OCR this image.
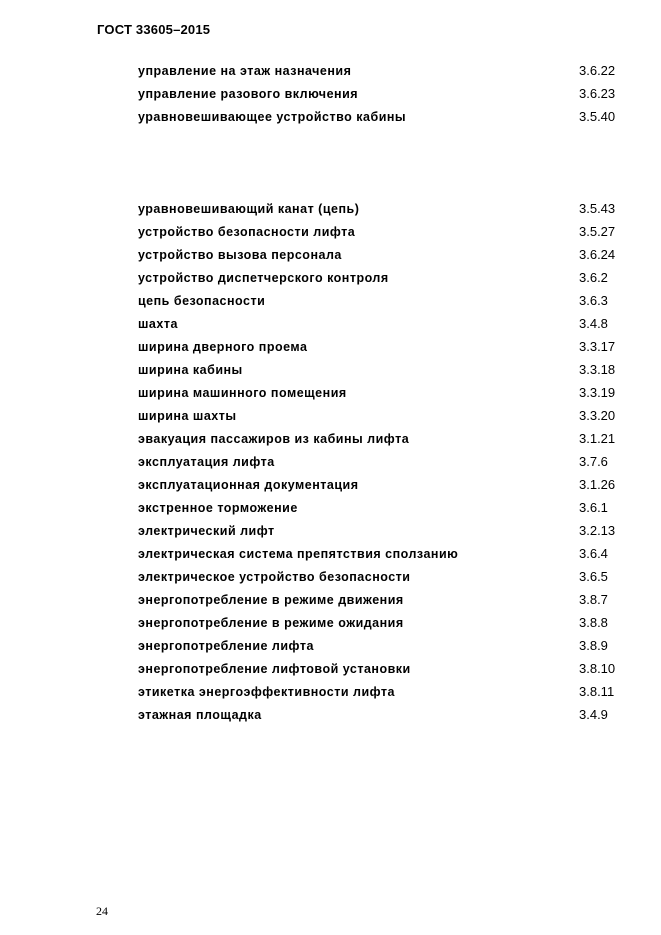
ГОСТ 33605–2015
управление на этаж назначения	3.6.22
управление разового включения	3.6.23
уравновешивающее устройство кабины	3.5.40
уравновешивающий канат (цепь)	3.5.43
устройство безопасности лифта	3.5.27
устройство вызова персонала	3.6.24
устройство диспетчерского контроля	3.6.2
цепь безопасности	3.6.3
шахта	3.4.8
ширина дверного проема	3.3.17
ширина кабины	3.3.18
ширина машинного помещения	3.3.19
ширина шахты	3.3.20
эвакуация пассажиров из кабины лифта	3.1.21
эксплуатация лифта	3.7.6
эксплуатационная документация	3.1.26
экстренное торможение	3.6.1
электрический лифт	3.2.13
электрическая система препятствия сползанию	3.6.4
электрическое устройство безопасности	3.6.5
энергопотребление в режиме движения	3.8.7
энергопотребление в режиме ожидания	3.8.8
энергопотребление лифта	3.8.9
энергопотребление лифтовой установки	3.8.10
этикетка энергоэффективности лифта	3.8.11
этажная площадка	3.4.9
24
